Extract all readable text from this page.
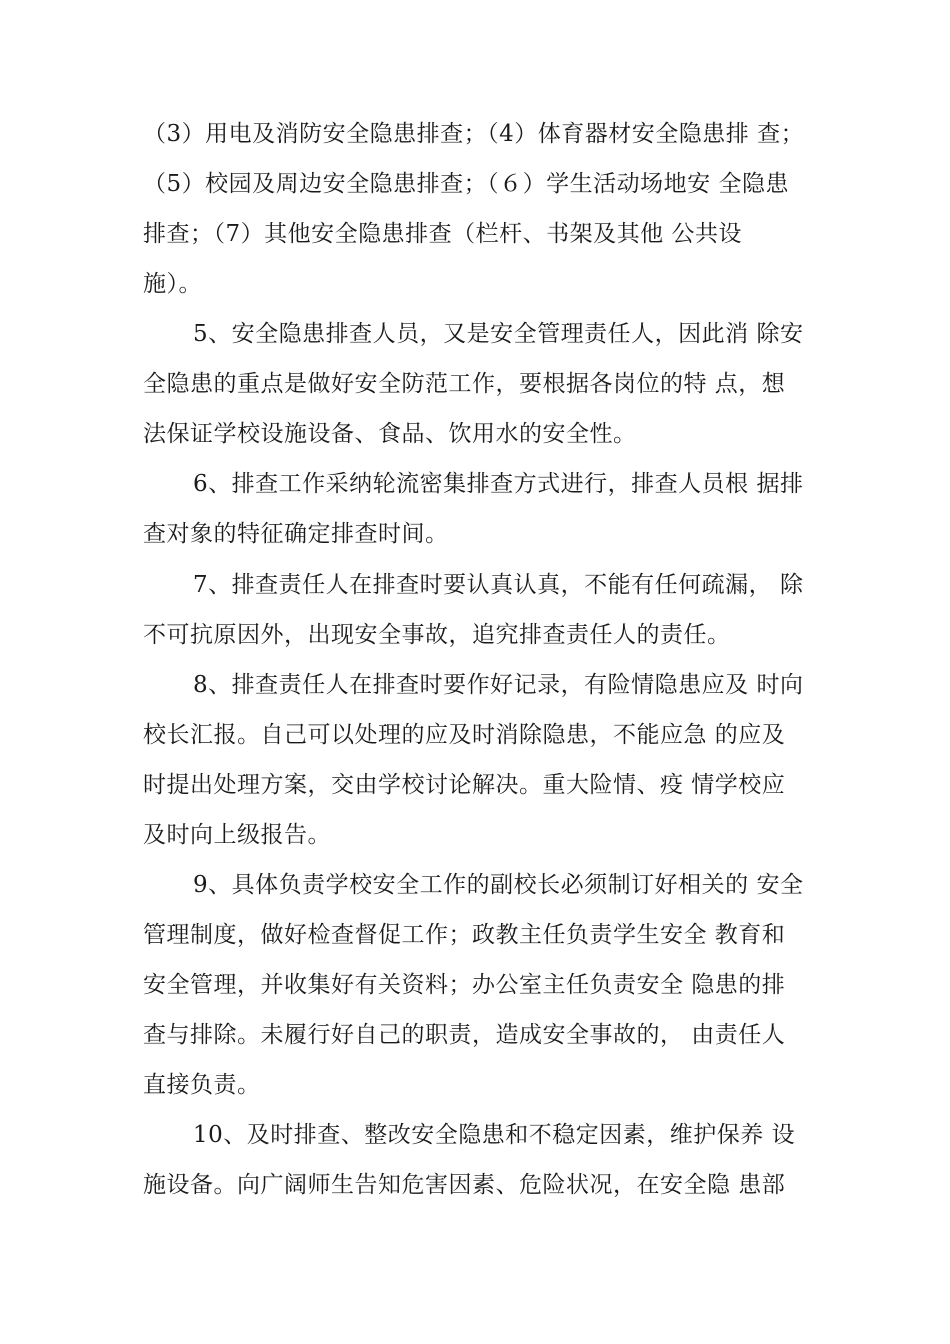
（3）用电及消防安全隐患排查；（4）体育器材安全隐患排 查；
（5）校园及周边安全隐患排查；（６）学生活动场地安 全隐患
排查；（7）其他安全隐患排查（栏杆、书架及其他 公共设
施）。
5、安全隐患排查人员，又是安全管理责任人，因此消 除安
全隐患的重点是做好安全防范工作，要根据各岗位的特 点，想
法保证学校设施设备、食品、饮用水的安全性。
6、排查工作采纳轮流密集排查方式进行，排查人员根 据排
查对象的特征确定排查时间。
7、排查责任人在排查时要认真认真，不能有任何疏漏， 除
不可抗原因外，出现安全事故，追究排查责任人的责任。
8、排查责任人在排查时要作好记录，有险情隐患应及 时向
校长汇报。自己可以处理的应及时消除隐患，不能应急 的应及
时提出处理方案，交由学校讨论解决。重大险情、疫 情学校应
及时向上级报告。
9、具体负责学校安全工作的副校长必须制订好相关的 安全
管理制度，做好检查督促工作；政教主任负责学生安全 教育和
安全管理，并收集好有关资料；办公室主任负责安全 隐患的排
查与排除。未履行好自己的职责，造成安全事故的， 由责任人
直接负责。
10、及时排查、整改安全隐患和不稳定因素，维护保养 设
施设备。向广阔师生告知危害因素、危险状况，在安全隐 患部
